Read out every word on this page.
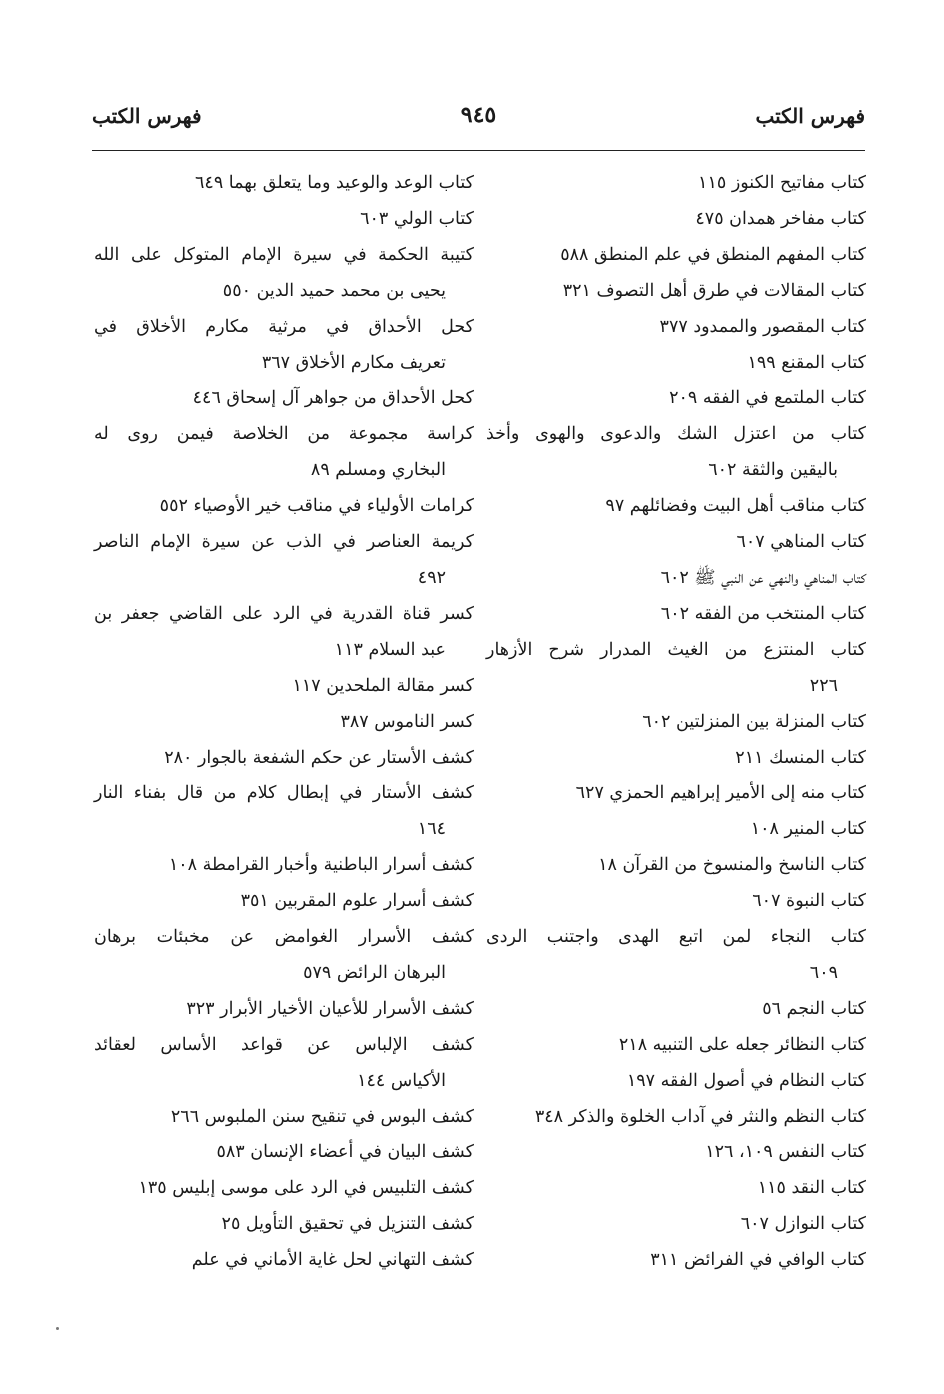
فهرس الكتب
٩٤٥
فهرس الكتب
كتاب مفاتيح الكنوز ١١٥
كتاب مفاخر همدان ٤٧٥
كتاب المفهم المنطق في علم المنطق ٥٨٨
كتاب المقالات في طرق أهل التصوف ٣٢١
كتاب المقصور والممدود ٣٧٧
كتاب المقنع ١٩٩
كتاب الملتمع في الفقه ٢٠٩
كتاب من اعتزل الشك والدعوى والهوى وأخذ
باليقين والثقة ٦٠٢
كتاب مناقب أهل البيت وفضائلهم ٩٧
كتاب المناهي ٦٠٧
كتاب المناهي والنهي عن النبي ﷺ ٦٠٢
كتاب المنتخب من الفقه ٦٠٢
كتاب المنتزع من الغيث المدرار شرح الأزهار
٢٢٦
كتاب المنزلة بين المنزلتين ٦٠٢
كتاب المنسك ٢١١
كتاب منه إلى الأمير إبراهيم الحمزي ٦٢٧
كتاب المنير ١٠٨
كتاب الناسخ والمنسوخ من القرآن ١٨
كتاب النبوة ٦٠٧
كتاب النجاء لمن اتبع الهدى واجتنب الردى
٦٠٩
كتاب النجم ٥٦
كتاب النظائر جعله على التنبيه ٢١٨
كتاب النظام في أصول الفقه ١٩٧
كتاب النظم والنثر في آداب الخلوة والذكر ٣٤٨
كتاب النفس ١٠٩، ١٢٦
كتاب النقد ١١٥
كتاب النوازل ٦٠٧
كتاب الوافي في الفرائض ٣١١
كتاب الوعد والوعيد وما يتعلق بهما ٦٤٩
كتاب الولي ٦٠٣
كتيبة الحكمة في سيرة الإمام المتوكل على الله
يحيى بن محمد حميد الدين ٥٥٠
كحل الأحداق في مرثية مكارم الأخلاق في
تعريف مكارم الأخلاق ٣٦٧
كحل الأحداق من جواهر آل إسحاق ٤٤٦
كراسة مجموعة من الخلاصة فيمن روى له
البخاري ومسلم ٨٩
كرامات الأولياء في مناقب خير الأوصياء ٥٥٢
كريمة العناصر في الذب عن سيرة الإمام الناصر
٤٩٢
كسر قناة القدرية في الرد على القاضي جعفر بن
عبد السلام ١١٣
كسر مقالة الملحدين ١١٧
كسر الناموس ٣٨٧
كشف الأستار عن حكم الشفعة بالجوار ٢٨٠
كشف الأستار في إبطال كلام من قال بفناء النار
١٦٤
كشف أسرار الباطنية وأخبار القرامطة ١٠٨
كشف أسرار علوم المقربين ٣٥١
كشف الأسرار الغوامض عن مخبئات برهان
البرهان الرائض ٥٧٩
كشف الأسرار للأعيان الأخيار الأبرار ٣٢٣
كشف الإلباس عن قواعد الأساس لعقائد
الأكياس ١٤٤
كشف البوس في تنقيح سنن الملبوس ٢٦٦
كشف البيان في أعضاء الإنسان ٥٨٣
كشف التلبيس في الرد على موسى إبليس ١٣٥
كشف التنزيل في تحقيق التأويل ٢٥
كشف التهاني لحل غاية الأماني في علم
